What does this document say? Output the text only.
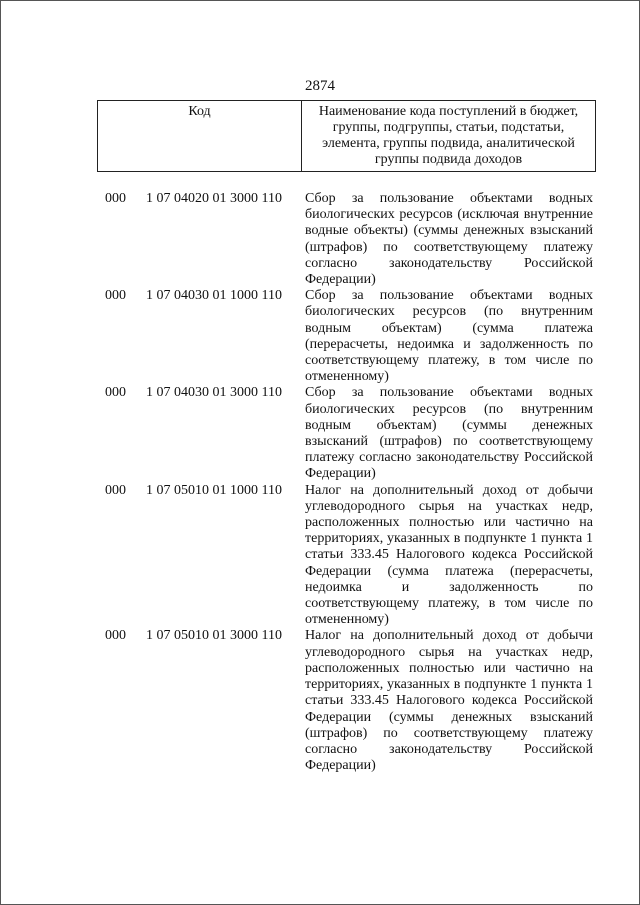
2874
Код	Наименование кода поступлений в бюджет, группы, подгруппы, статьи, подстатьи, элемента, группы подвида, аналитической группы подвида доходов
000	1 07 04020 01 3000 110	Сбор за пользование объектами водных биологических ресурсов (исключая внутренние водные объекты) (суммы денежных взысканий (штрафов) по соответствующему платежу согласно законодательству Российской Федерации)
000	1 07 04030 01 1000 110	Сбор за пользование объектами водных биологических ресурсов (по внутренним водным объектам) (сумма платежа (перерасчеты, недоимка и задолженность по соответствующему платежу, в том числе по отмененному)
000	1 07 04030 01 3000 110	Сбор за пользование объектами водных биологических ресурсов (по внутренним водным объектам) (суммы денежных взысканий (штрафов) по соответствующему платежу согласно законодательству Российской Федерации)
000	1 07 05010 01 1000 110	Налог на дополнительный доход от добычи углеводородного сырья на участках недр, расположенных полностью или частично на территориях, указанных в подпункте 1 пункта 1 статьи 333.45 Налогового кодекса Российской Федерации (сумма платежа (перерасчеты, недоимка и задолженность по соответствующему платежу, в том числе по отмененному)
000	1 07 05010 01 3000 110	Налог на дополнительный доход от добычи углеводородного сырья на участках недр, расположенных полностью или частично на территориях, указанных в подпункте 1 пункта 1 статьи 333.45 Налогового кодекса Российской Федерации (суммы денежных взысканий (штрафов) по соответствующему платежу согласно законодательству Российской Федерации)
